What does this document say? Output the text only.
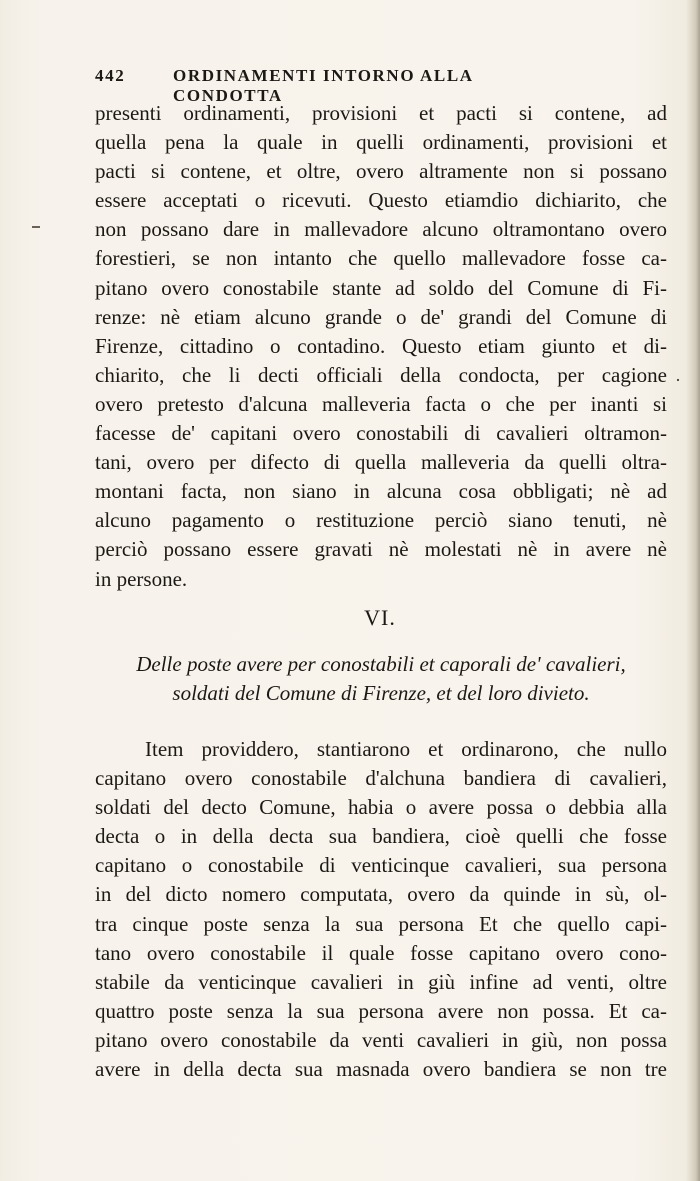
·
442	ORDINAMENTI INTORNO ALLA CONDOTTA
presenti ordinamenti, provisioni et pacti si contene, ad
quella pena la quale in quelli ordinamenti, provisioni et
pacti si contene, et oltre, overo altramente non si possano
essere acceptati o ricevuti. Questo etiamdio dichiarito, che
non possano dare in mallevadore alcuno oltramontano overo
forestieri, se non intanto che quello mallevadore fosse ca-
pitano overo conostabile stante ad soldo del Comune di Fi-
renze: nè etiam alcuno grande o de' grandi del Comune di
Firenze, cittadino o contadino. Questo etiam giunto et di-
chiarito, che li decti officiali della condocta, per cagione
overo pretesto d'alcuna malleveria facta o che per inanti si
facesse de' capitani overo conostabili di cavalieri oltramon-
tani, overo per difecto di quella malleveria da quelli oltra-
montani facta, non siano in alcuna cosa obbligati; nè ad
alcuno pagamento o restituzione perciò siano tenuti, nè
perciò possano essere gravati nè molestati nè in avere nè
in persone.
VI.
Delle poste avere per conostabili et caporali de' cavalieri,
soldati del Comune di Firenze, et del loro divieto.
Item providdero, stantiarono et ordinarono, che nullo
capitano overo conostabile d'alchuna bandiera di cavalieri,
soldati del decto Comune, habia o avere possa o debbia alla
decta o in della decta sua bandiera, cioè quelli che fosse
capitano o conostabile di venticinque cavalieri, sua persona
in del dicto nomero computata, overo da quinde in sù, ol-
tra cinque poste senza la sua persona Et che quello capi-
tano overo conostabile il quale fosse capitano overo cono-
stabile da venticinque cavalieri in giù infine ad venti, oltre
quattro poste senza la sua persona avere non possa. Et ca-
pitano overo conostabile da venti cavalieri in giù, non possa
avere in della decta sua masnada overo bandiera se non tre
